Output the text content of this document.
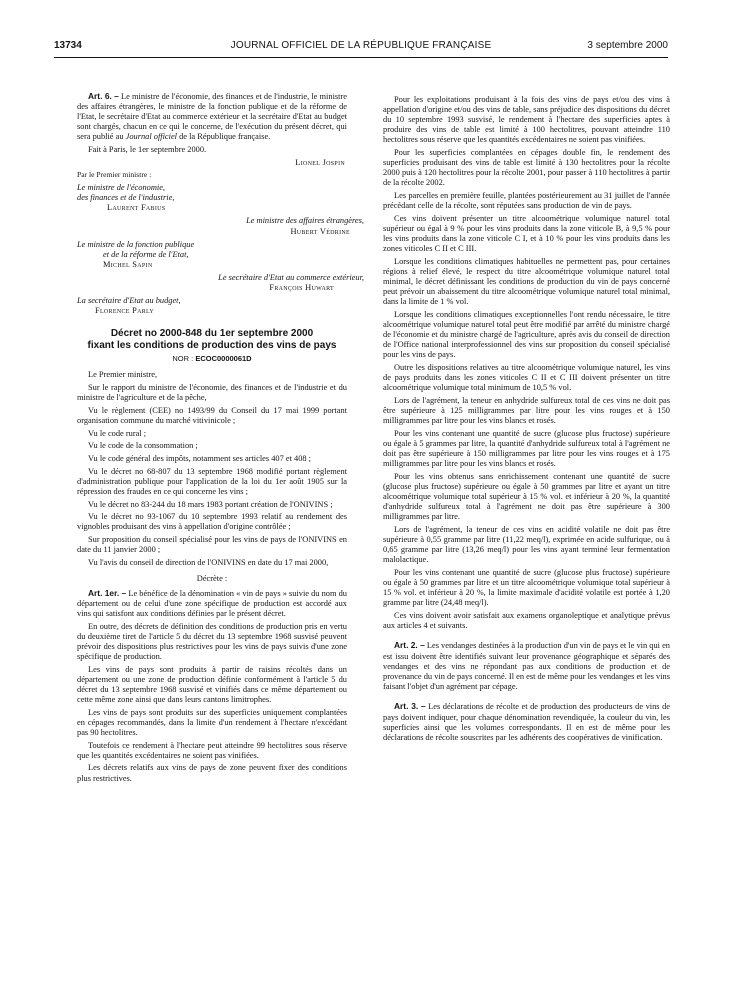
13734	JOURNAL OFFICIEL DE LA RÉPUBLIQUE FRANÇAISE	3 septembre 2000

Art. 6. – Le ministre de l'économie, des finances et de l'industrie, le ministre des affaires étrangères, le ministre de la fonction publique et de la réforme de l'Etat, le secrétaire d'Etat au commerce extérieur et la secrétaire d'Etat au budget sont chargés, chacun en ce qui le concerne, de l'exécution du présent décret, qui sera publié au Journal officiel de la République française.

Fait à Paris, le 1er septembre 2000.

Lionel Jospin

Par le Premier ministre :

Le ministre de l'économie,
des finances et de l'industrie,
Laurent Fabius
Le ministre des affaires étrangères,
Hubert Védrine
Le ministre de la fonction publique
et de la réforme de l'Etat,
Michel Sapin
Le secrétaire d'Etat au commerce extérieur,
François Huwart
La secrétaire d'Etat au budget,
Florence Parly
Décret no 2000-848 du 1er septembre 2000
fixant les conditions de production des vins de pays
NOR : ECOC0000061D

Le Premier ministre,

Sur le rapport du ministre de l'économie, des finances et de l'industrie et du ministre de l'agriculture et de la pêche,

Vu le règlement (CEE) no 1493/99 du Conseil du 17 mai 1999 portant organisation commune du marché vitivinicole ;

Vu le code rural ;

Vu le code de la consommation ;

Vu le code général des impôts, notamment ses articles 407 et 408 ;

Vu le décret no 68-807 du 13 septembre 1968 modifié portant règlement d'administration publique pour l'application de la loi du 1er août 1905 sur la répression des fraudes en ce qui concerne les vins ;

Vu le décret no 83-244 du 18 mars 1983 portant création de l'ONIVINS ;

Vu le décret no 93-1067 du 10 septembre 1993 relatif au rendement des vignobles produisant des vins à appellation d'origine contrôlée ;

Sur proposition du conseil spécialisé pour les vins de pays de l'ONIVINS en date du 11 janvier 2000 ;

Vu l'avis du conseil de direction de l'ONIVINS en date du 17 mai 2000,

Décrète :

Art. 1er. – Le bénéfice de la dénomination « vin de pays » suivie du nom du département ou de celui d'une zone spécifique de production est accordé aux vins qui satisfont aux conditions définies par le présent décret.

En outre, des décrets de définition des conditions de production pris en vertu du deuxième tiret de l'article 5 du décret du 13 septembre 1968 susvisé peuvent prévoir des dispositions plus restrictives pour les vins de pays suivis d'une zone spécifique de production.

Les vins de pays sont produits à partir de raisins récoltés dans un département ou une zone de production définie conformément à l'article 5 du décret du 13 septembre 1968 susvisé et vinifiés dans ce même département ou cette même zone ainsi que dans leurs cantons limitrophes.

Les vins de pays sont produits sur des superficies uniquement complantées en cépages recommandés, dans la limite d'un rendement à l'hectare n'excédant pas 90 hectolitres.

Toutefois ce rendement à l'hectare peut atteindre 99 hectolitres sous réserve que les quantités excédentaires ne soient pas vinifiées.

Les décrets relatifs aux vins de pays de zone peuvent fixer des conditions plus restrictives.

Pour les exploitations produisant à la fois des vins de pays et/ou des vins à appellation d'origine et/ou des vins de table, sans préjudice des dispositions du décret du 10 septembre 1993 susvisé, le rendement à l'hectare des superficies aptes à produire des vins de table est limité à 100 hectolitres, pouvant atteindre 110 hectolitres sous réserve que les quantités excédentaires ne soient pas vinifiées.

Pour les superficies complantées en cépages double fin, le rendement des superficies produisant des vins de table est limité à 130 hectolitres pour la récolte 2000 puis à 120 hectolitres pour la récolte 2001, pour passer à 110 hectolitres à partir de la récolte 2002.

Les parcelles en première feuille, plantées postérieurement au 31 juillet de l'année précédant celle de la récolte, sont réputées sans production de vin de pays.

Ces vins doivent présenter un titre alcoométrique volumique naturel total supérieur ou égal à 9 % pour les vins produits dans la zone viticole B, à 9,5 % pour les vins produits dans la zone viticole C I, et à 10 % pour les vins produits dans les zones viticoles C II et C III.

Lorsque les conditions climatiques habituelles ne permettent pas, pour certaines régions à relief élevé, le respect du titre alcoométrique volumique naturel total minimal, le décret définissant les conditions de production du vin de pays concerné peut prévoir un abaissement du titre alcoométrique volumique naturel total minimal, dans la limite de 1 % vol.

Lorsque les conditions climatiques exceptionnelles l'ont rendu nécessaire, le titre alcoométrique volumique naturel total peut être modifié par arrêté du ministre chargé de l'économie et du ministre chargé de l'agriculture, après avis du conseil de direction de l'Office national interprofessionnel des vins sur proposition du conseil spécialisé pour les vins de pays.

Outre les dispositions relatives au titre alcoométrique volumique naturel, les vins de pays produits dans les zones viticoles C II et C III doivent présenter un titre alcoométrique volumique total minimum de 10,5 % vol.

Lors de l'agrément, la teneur en anhydride sulfureux total de ces vins ne doit pas être supérieure à 125 milligrammes par litre pour les vins rouges et à 150 milligrammes par litre pour les vins blancs et rosés.

Pour les vins contenant une quantité de sucre (glucose plus fructose) supérieure ou égale à 5 grammes par litre, la quantité d'anhydride sulfureux total à l'agrément ne doit pas être supérieure à 150 milligrammes par litre pour les vins rouges et à 175 milligrammes par litre pour les vins blancs et rosés.

Pour les vins obtenus sans enrichissement contenant une quantité de sucre (glucose plus fructose) supérieure ou égale à 50 grammes par litre et ayant un titre alcoométrique volumique total supérieur à 15 % vol. et inférieur à 20 %, la quantité d'anhydride sulfureux total à l'agrément ne doit pas être supérieure à 300 milligrammes par litre.

Lors de l'agrément, la teneur de ces vins en acidité volatile ne doit pas être supérieure à 0,55 gramme par litre (11,22 meq/l), exprimée en acide sulfurique, ou à 0,65 gramme par litre (13,26 meq/l) pour les vins ayant terminé leur fermentation malolactique.

Pour les vins contenant une quantité de sucre (glucose plus fructose) supérieure ou égale à 50 grammes par litre et un titre alcoométrique volumique total supérieur à 15 % vol. et inférieur à 20 %, la limite maximale d'acidité volatile est portée à 1,20 gramme par litre (24,48 meq/l).

Ces vins doivent avoir satisfait aux examens organoleptique et analytique prévus aux articles 4 et suivants.

Art. 2. – Les vendanges destinées à la production d'un vin de pays et le vin qui en est issu doivent être identifiés suivant leur provenance géographique et séparés des vendanges et des vins ne répondant pas aux conditions de production et de provenance du vin de pays concerné. Il en est de même pour les vendanges et les vins faisant l'objet d'un agrément par cépage.

Art. 3. – Les déclarations de récolte et de production des producteurs de vins de pays doivent indiquer, pour chaque dénomination revendiquée, la couleur du vin, les superficies ainsi que les volumes correspondants. Il en est de même pour les déclarations de récolte souscrites par les adhérents des coopératives de vinification.
